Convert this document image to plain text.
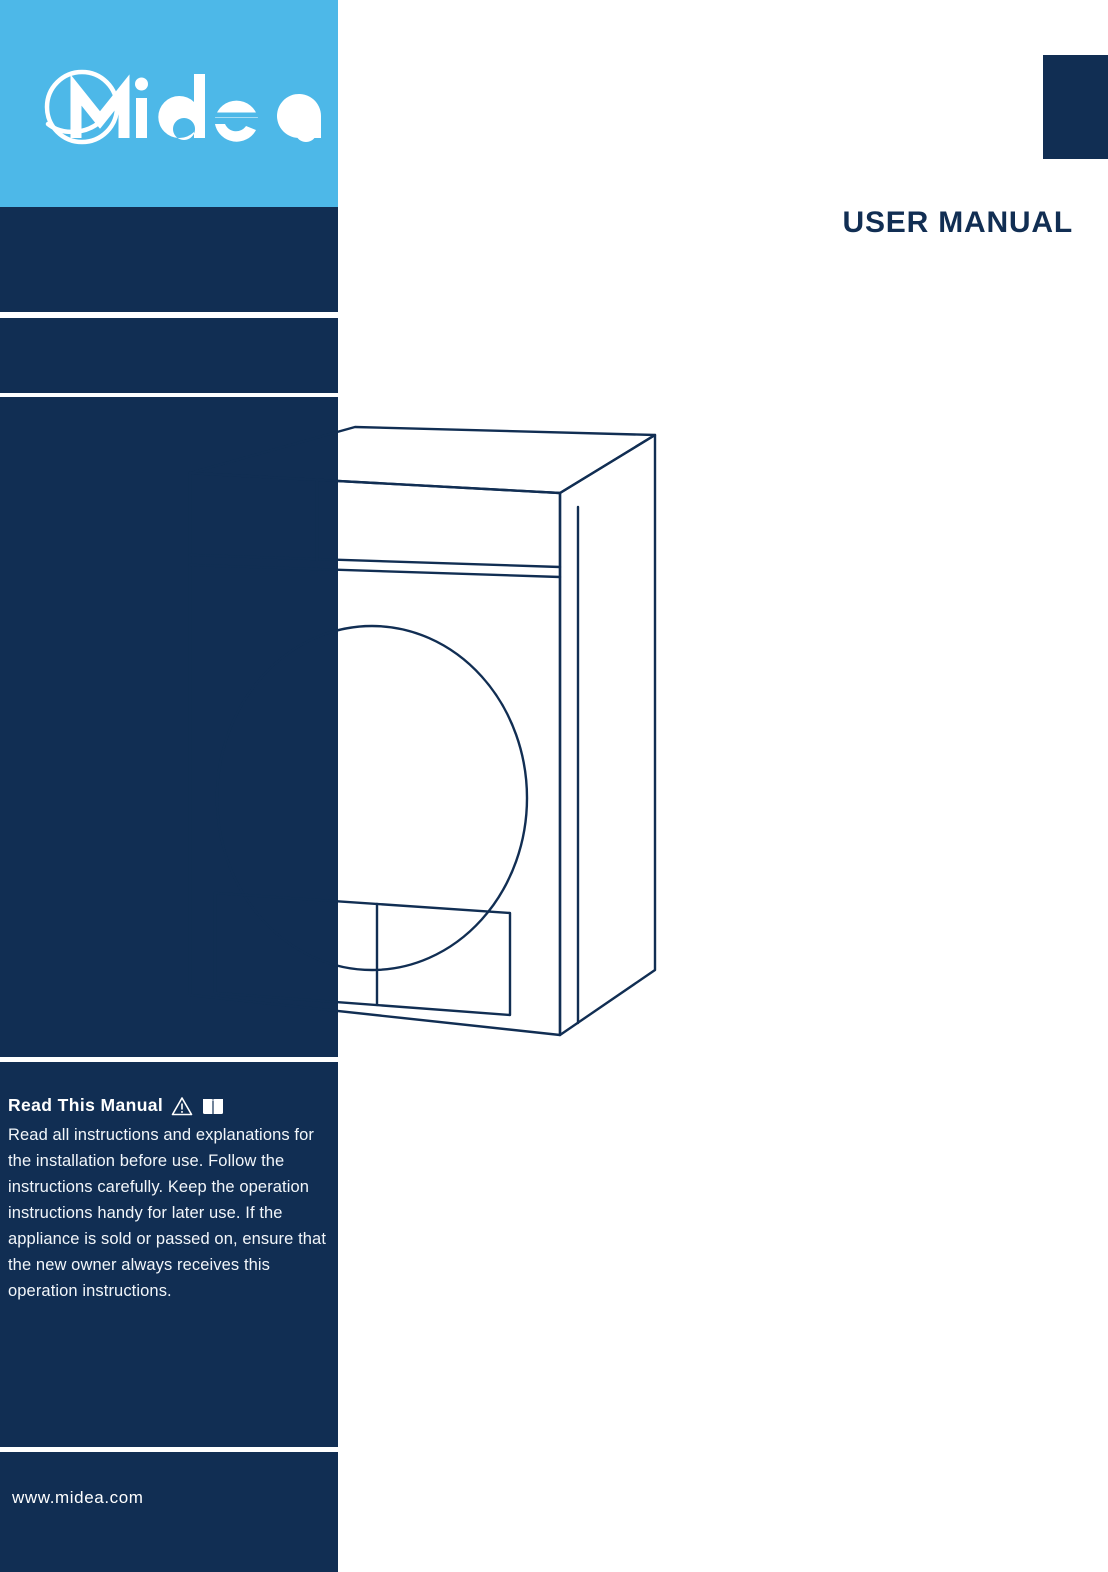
Read This Manual
Read all instructions and explanations for the installation before use. Follow the instructions carefully. Keep the operation instructions handy for later use. If the appliance is sold or passed on, ensure that the new owner always receives this operation instructions.
www.midea.com
USER MANUAL
